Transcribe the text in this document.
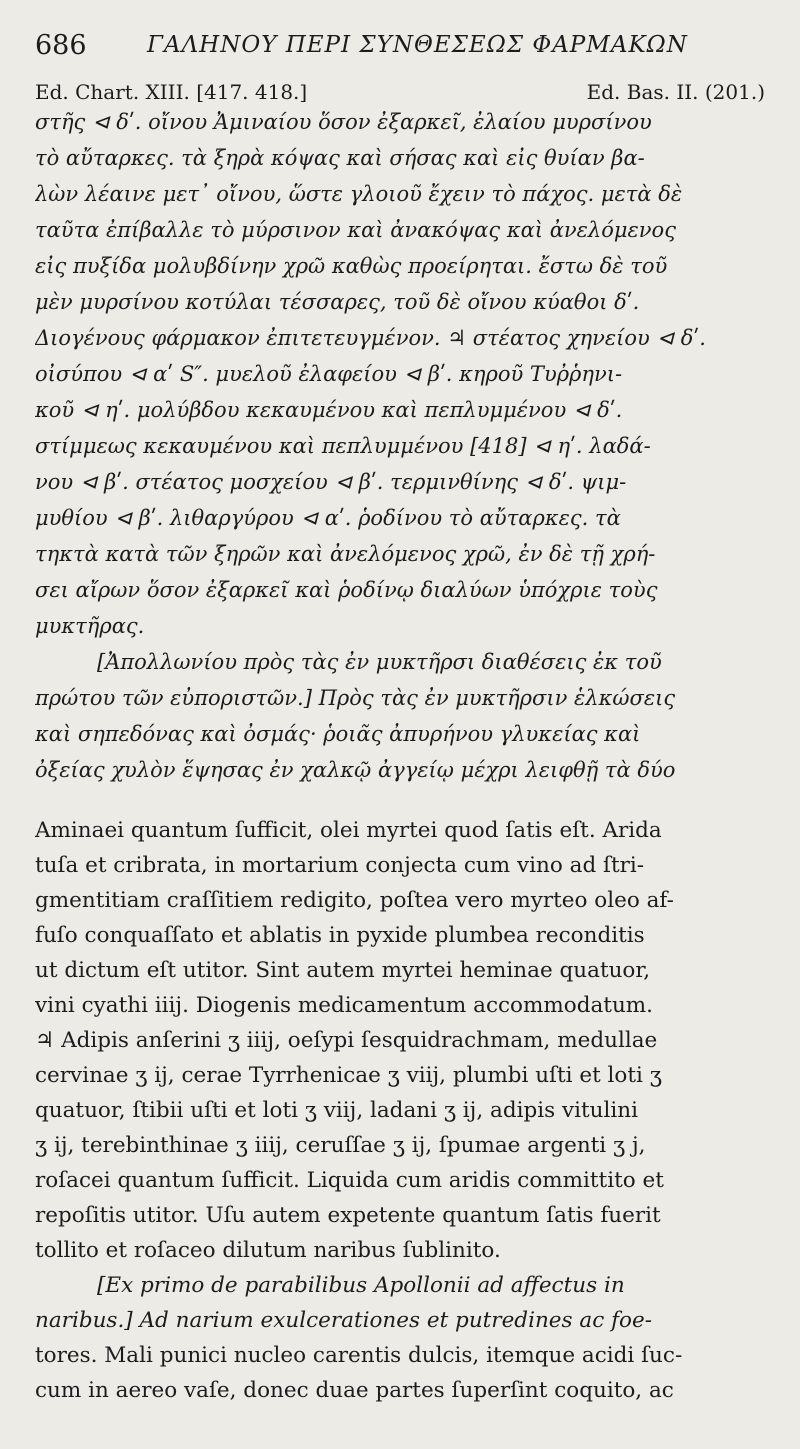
686	ΓΑΛΗΝΟΥ ΠΕΡΙ ΣΥΝΘΕΣΕΩΣ ΦΑΡΜΑΚΩΝ
Ed. Chart. XIII. [417. 418.]	Ed. Bas. II. (201.)
στῆς ⊲ δʹ. οἴνου Ἀμιναίου ὅσον ἐξαρκεῖ, ἐλαίου μυρσίνου
τὸ αὔταρκες. τὰ ξηρὰ κόψας καὶ σήσας καὶ εἰς θυίαν βα-
λὼν λέαινε μετ᾽ οἴνου, ὥστε γλοιοῦ ἔχειν τὸ πάχος. μετὰ δὲ
ταῦτα ἐπίβαλλε τὸ μύρσινον καὶ ἀνακόψας καὶ ἀνελόμενος
εἰς πυξίδα μολυβδίνην χρῶ καθὼς προείρηται. ἔστω δὲ τοῦ
μὲν μυρσίνου κοτύλαι τέσσαρες, τοῦ δὲ οἴνου κύαθοι δʹ.
Διογένους φάρμακον ἐπιτετευγμένον. ♃ στέατος χηνείου ⊲ δʹ.
οἰσύπου ⊲ αʹ S″. μυελοῦ ἐλαφείου ⊲ βʹ. κηροῦ Τυῤῥηνι-
κοῦ ⊲ ηʹ. μολύβδου κεκαυμένου καὶ πεπλυμμένου ⊲ δʹ.
στίμμεως κεκαυμένου καὶ πεπλυμμένου [418] ⊲ ηʹ. λαδά-
νου ⊲ βʹ. στέατος μοσχείου ⊲ βʹ. τερμινθίνης ⊲ δʹ. ψιμ-
μυθίου ⊲ βʹ. λιθαργύρου ⊲ αʹ. ῥοδίνου τὸ αὔταρκες. τὰ
τηκτὰ κατὰ τῶν ξηρῶν καὶ ἀνελόμενος χρῶ, ἐν δὲ τῇ χρή-
σει αἴρων ὅσον ἐξαρκεῖ καὶ ῥοδίνῳ διαλύων ὑπόχριε τοὺς
μυκτῆρας.
[Ἀπολλωνίου πρὸς τὰς ἐν μυκτῆρσι διαθέσεις ἐκ τοῦ
πρώτου τῶν εὐποριστῶν.] Πρὸς τὰς ἐν μυκτῆρσιν ἑλκώσεις
καὶ σηπεδόνας καὶ ὀσμάς· ῥοιᾶς ἀπυρήνου γλυκείας καὶ
ὀξείας χυλὸν ἕψησας ἐν χαλκῷ ἀγγείῳ μέχρι λειφθῇ τὰ δύο
Aminaei quantum ſufficit, olei myrtei quod ſatis eſt. Arida
tuſa et cribrata, in mortarium conjecta cum vino ad ſtri-
gmentitiam craſſitiem redigito, poſtea vero myrteo oleo af-
fuſo conquaſſato et ablatis in pyxide plumbea reconditis
ut dictum eſt utitor. Sint autem myrtei heminae quatuor,
vini cyathi iiij. Diogenis medicamentum accommodatum.
♃ Adipis anſerini ʒ iiij, oeſypi ſesquidrachmam, medullae
cervinae ʒ ij, cerae Tyrrhenicae ʒ viij, plumbi uſti et loti ʒ
quatuor, ſtibii uſti et loti ʒ viij, ladani ʒ ij, adipis vitulini
ʒ ij, terebinthinae ʒ iiij, ceruſſae ʒ ij, ſpumae argenti ʒ j,
roſacei quantum ſufficit. Liquida cum aridis committito et
repoſitis utitor. Uſu autem expetente quantum ſatis fuerit
tollito et roſaceo dilutum naribus ſublinito.
[Ex primo de parabilibus Apollonii ad affectus in
naribus.] Ad narium exulcerationes et putredines ac foe-
tores. Mali punici nucleo carentis dulcis, itemque acidi ſuc-
cum in aereo vaſe, donec duae partes ſuperſint coquito, ac
